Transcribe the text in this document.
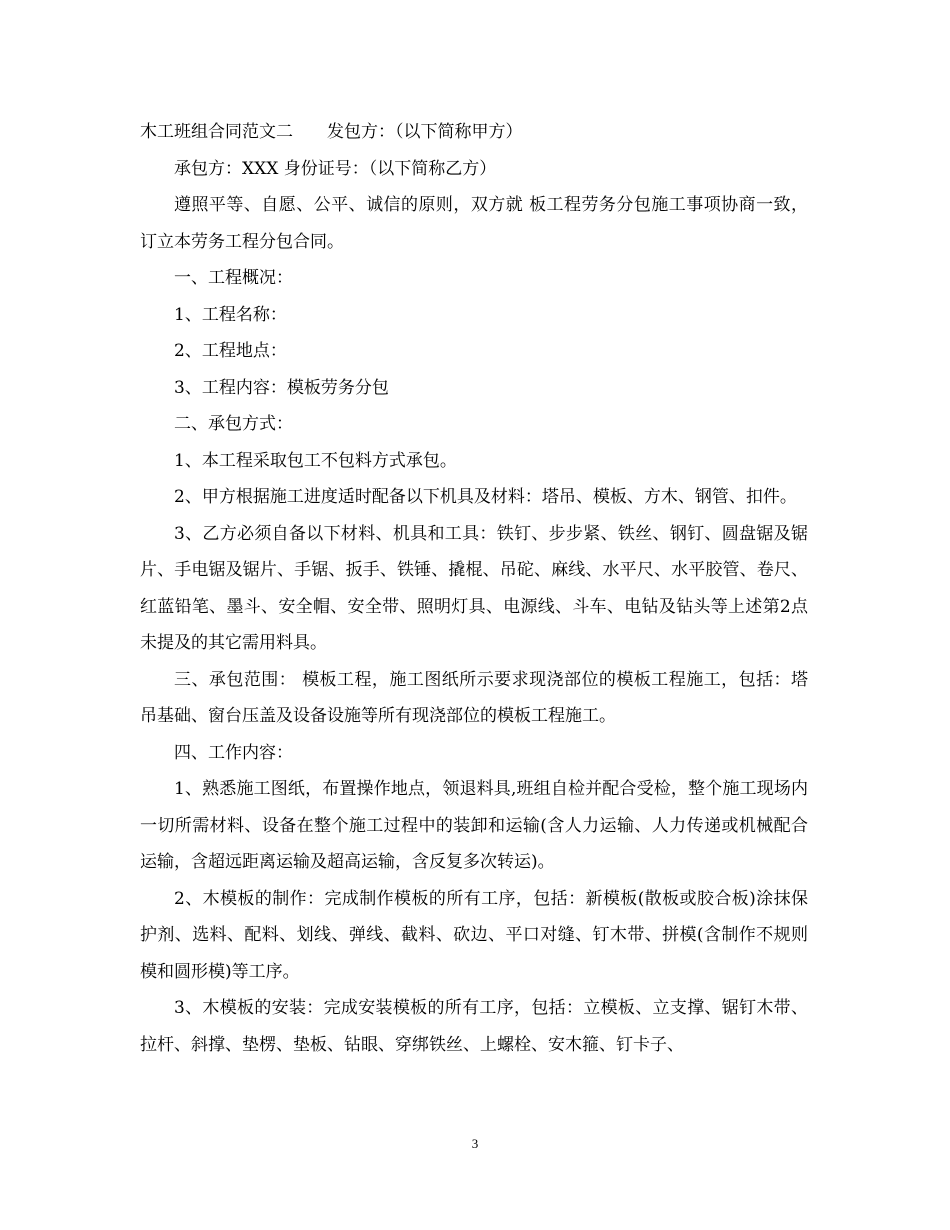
木工班组合同范文二 发包方：（以下简称甲方）

承包方：XXX 身份证号：（以下简称乙方）

遵照平等、自愿、公平、诚信的原则，双方就 板工程劳务分包施工事项协商一致，订立本劳务工程分包合同。

一、工程概况：

1、工程名称：

2、工程地点：

3、工程内容：模板劳务分包

二、承包方式：

1、本工程采取包工不包料方式承包。

2、甲方根据施工进度适时配备以下机具及材料：塔吊、模板、方木、钢管、扣件。

3、乙方必须自备以下材料、机具和工具：铁钉、步步紧、铁丝、钢钉、圆盘锯及锯片、手电锯及锯片、手锯、扳手、铁锤、撬棍、吊砣、麻线、水平尺、水平胶管、卷尺、红蓝铅笔、墨斗、安全帽、安全带、照明灯具、电源线、斗车、电钻及钻头等上述第2点未提及的其它需用料具。

三、承包范围： 模板工程，施工图纸所示要求现浇部位的模板工程施工，包括：塔吊基础、窗台压盖及设备设施等所有现浇部位的模板工程施工。

四、工作内容：

1、熟悉施工图纸，布置操作地点，领退料具,班组自检并配合受检，整个施工现场内一切所需材料、设备在整个施工过程中的装卸和运输(含人力运输、人力传递或机械配合运输，含超远距离运输及超高运输，含反复多次转运)。

2、木模板的制作：完成制作模板的所有工序，包括：新模板(散板或胶合板)涂抹保护剂、选料、配料、划线、弹线、截料、砍边、平口对缝、钉木带、拼模(含制作不规则模和圆形模)等工序。

3、木模板的安装：完成安装模板的所有工序，包括：立模板、立支撑、锯钉木带、拉杆、斜撑、垫楞、垫板、钻眼、穿绑铁丝、上螺栓、安木箍、钉卡子、

3
